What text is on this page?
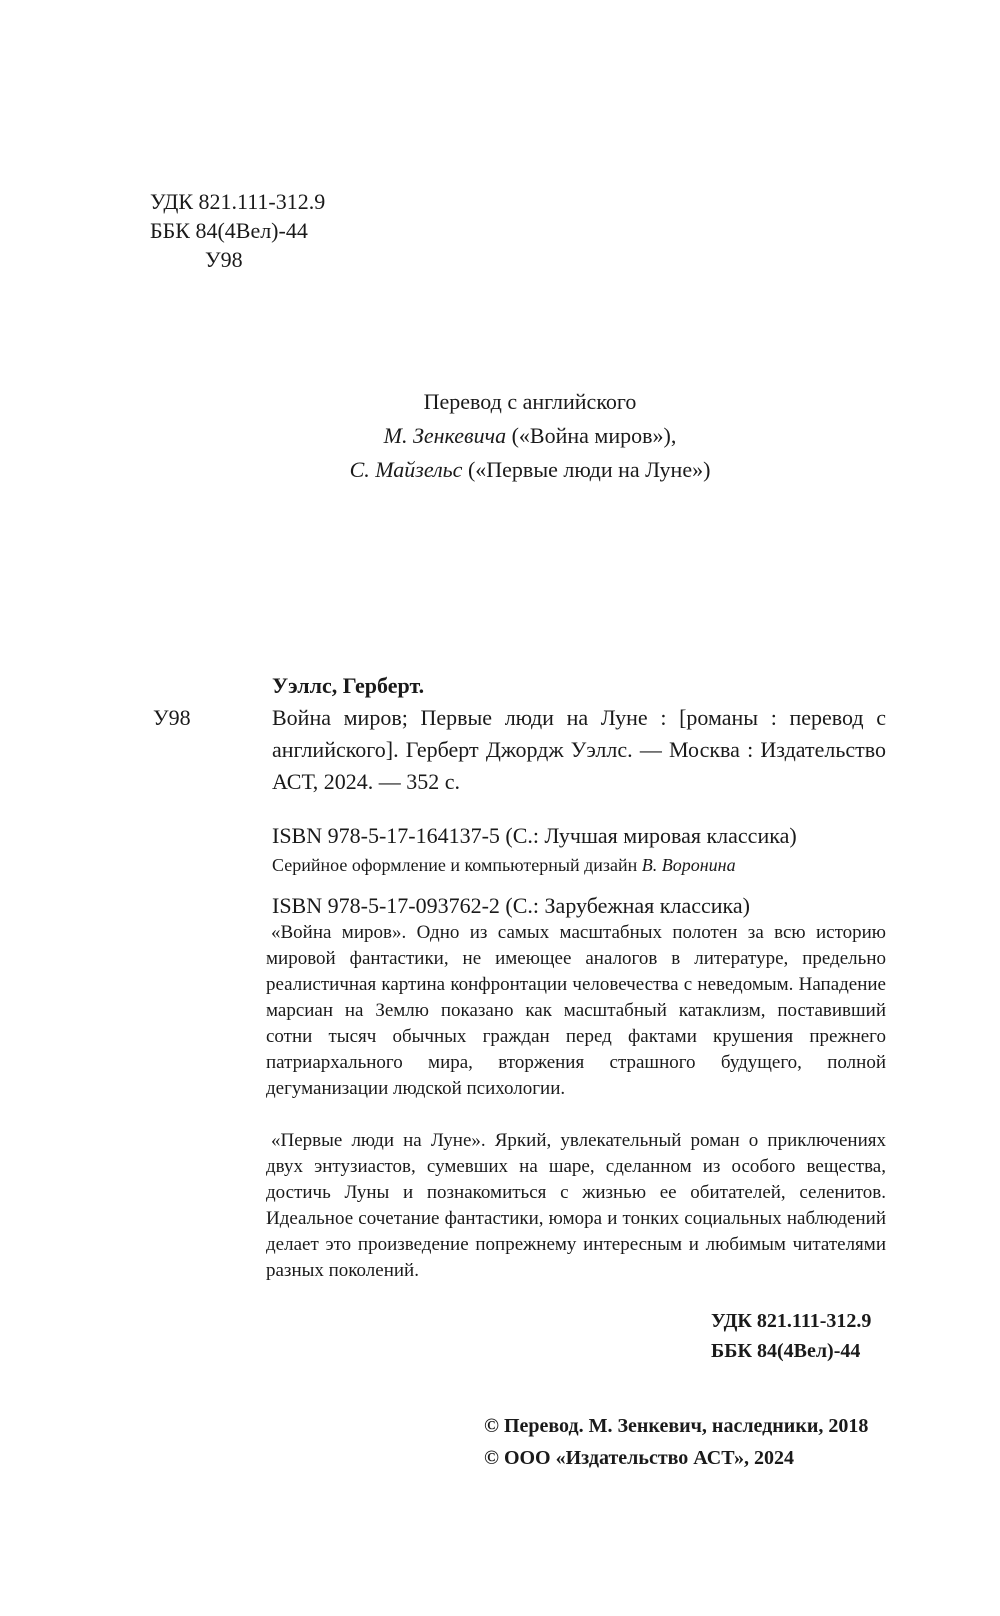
УДК 821.111-312.9
ББК 84(4Вел)-44
У98
Перевод с английского
М. Зенкевича («Война миров»),
С. Майзельс («Первые люди на Луне»)
У98
Уэллс, Герберт.
Война миров; Первые люди на Луне : [романы : перевод с английского]. Герберт Джордж Уэллс. — Москва : Издательство АСТ, 2024. — 352 с.

ISBN 978-5-17-164137-5 (С.: Лучшая мировая классика)

Серийное оформление и компьютерный дизайн В. Воронина

ISBN 978-5-17-093762-2 (С.: Зарубежная классика)

«Война миров». Одно из самых масштабных полотен за всю историю мировой фантастики, не имеющее аналогов в литературе, предельно реалистичная картина конфронтации человечества с неведомым. Нападение марсиан на Землю показано как масштабный катаклизм, поставивший сотни тысяч обычных граждан перед фактами крушения прежнего патриархального мира, вторжения страшного будущего, полной дегуманизации людской психологии.

«Первые люди на Луне». Яркий, увлекательный роман о приключениях двух энтузиастов, сумевших на шаре, сделанном из особого вещества, достичь Луны и познакомиться с жизнью ее обитателей, селенитов. Идеальное сочетание фантастики, юмора и тонких социальных наблюдений делает это произведение попрежнему интересным и любимым читателями разных поколений.

УДК 821.111-312.9
ББК 84(4Вел)-44
© Перевод. М. Зенкевич, наследники, 2018
© ООО «Издательство АСТ», 2024
